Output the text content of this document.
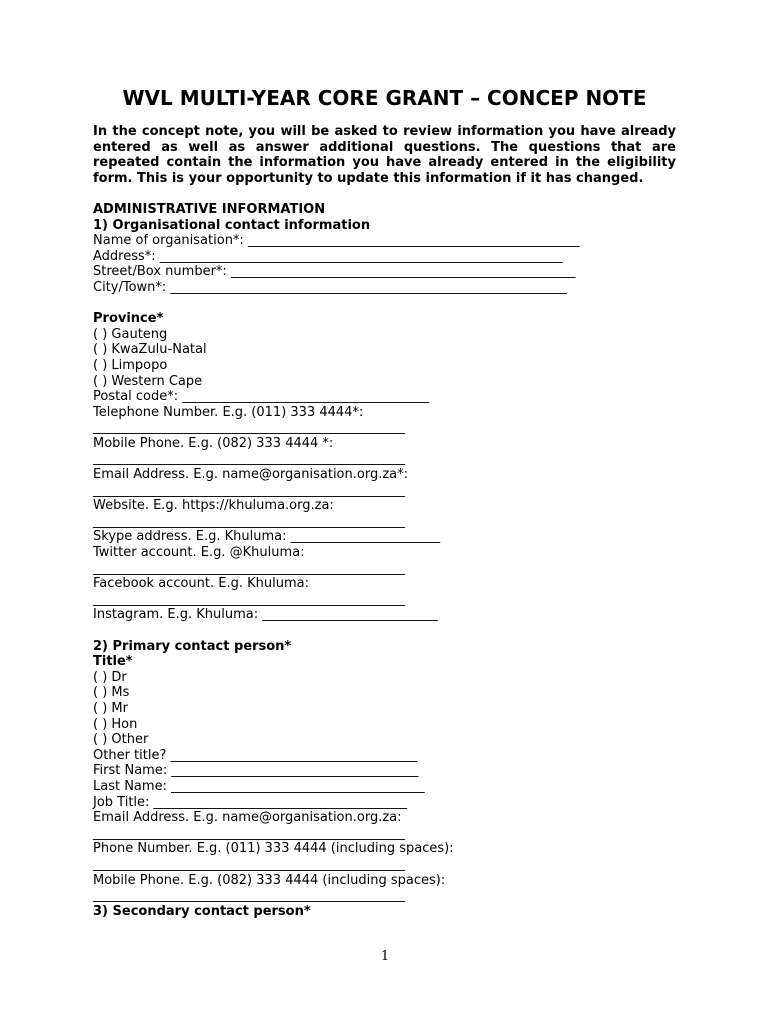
WVL MULTI-YEAR CORE GRANT – CONCEP NOTE
In the concept note, you will be asked to review information you have already entered as well as answer additional questions. The questions that are repeated contain the information you have already entered in the eligibility form. This is your opportunity to update this information if it has changed.
ADMINISTRATIVE INFORMATION
1) Organisational contact information
Name of organisation*: ___________________________________________________
Address*: ______________________________________________________________
Street/Box number*: _____________________________________________________
City/Town*: _____________________________________________________________
Province*
( ) Gauteng
( ) KwaZulu-Natal
( ) Limpopo
( ) Western Cape
Postal code*: ______________________________________
Telephone Number. E.g. (011) 333 4444*:
________________________________________________
Mobile Phone. E.g. (082) 333 4444 *:
________________________________________________
Email Address. E.g. name@organisation.org.za*:
________________________________________________
Website. E.g. https://khuluma.org.za:
________________________________________________
Skype address. E.g. Khuluma: _______________________
Twitter account. E.g. @Khuluma:
________________________________________________
Facebook account. E.g. Khuluma:
________________________________________________
Instagram. E.g. Khuluma: ___________________________
2) Primary contact person*
Title*
( ) Dr
( ) Ms
( ) Mr
( ) Hon
( ) Other
Other title? ______________________________________
First Name: ______________________________________
Last Name: _______________________________________
Job Title: _______________________________________
Email Address. E.g. name@organisation.org.za:
________________________________________________
Phone Number. E.g. (011) 333 4444 (including spaces):
________________________________________________
Mobile Phone. E.g. (082) 333 4444 (including spaces):
________________________________________________
3) Secondary contact person*
1
